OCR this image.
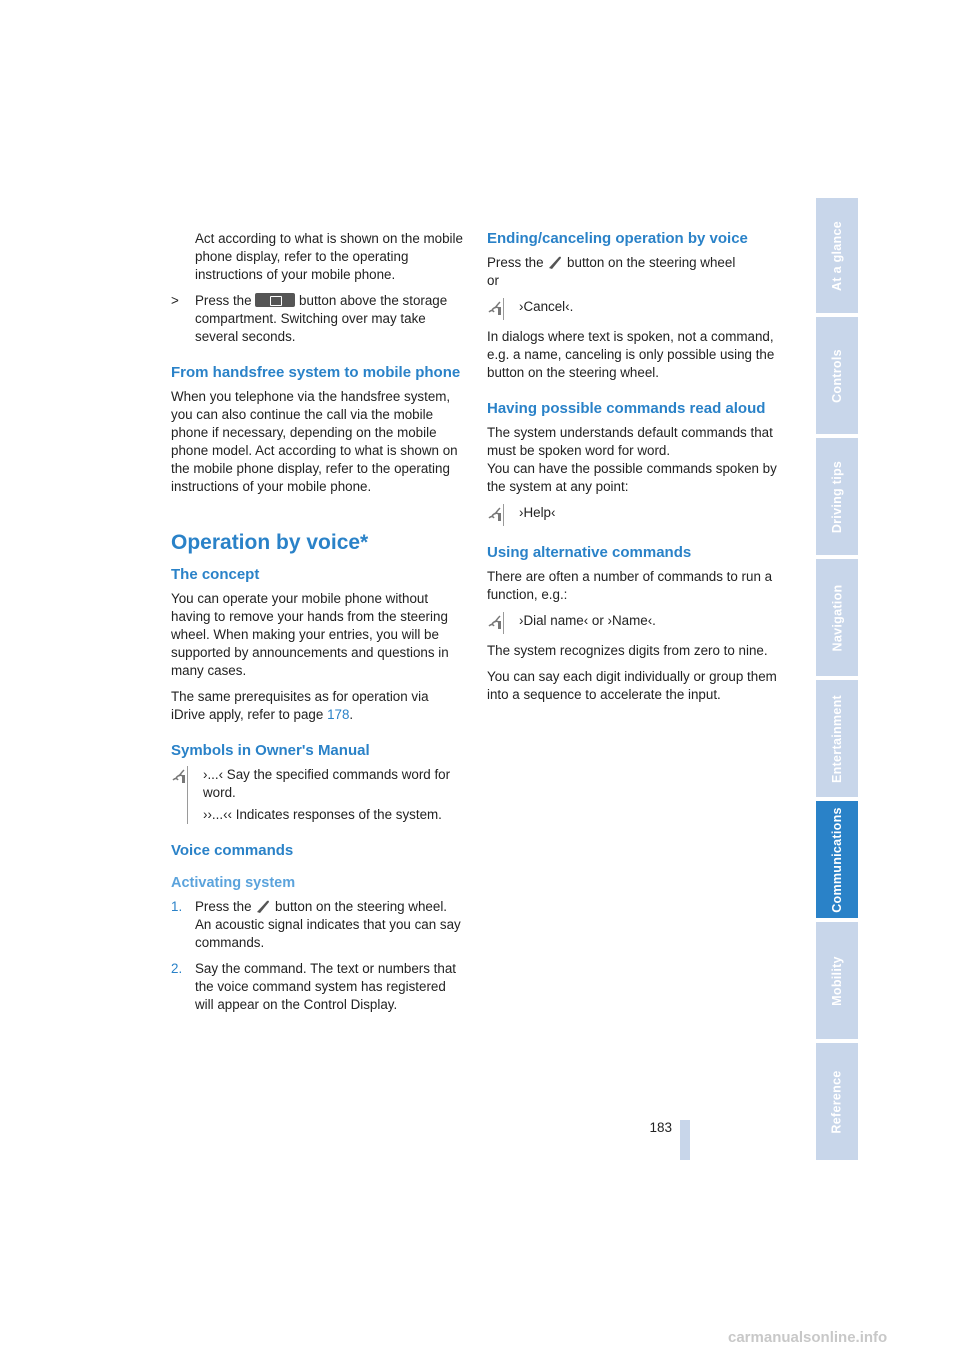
Act according to what is shown on the mobile phone display, refer to the operating instructions of your mobile phone.

> Press the	button above the storage compartment. Switching over may take several seconds.
From handsfree system to mobile phone

When you telephone via the handsfree system, you can also continue the call via the mobile phone if necessary, depending on the mobile phone model. Act according to what is shown on the mobile phone display, refer to the operating instructions of your mobile phone.

Operation by voice*
The concept

You can operate your mobile phone without having to remove your hands from the steering wheel. When making your entries, you will be supported by announcements and questions in many cases.

The same prerequisites as for operation via iDrive apply, refer to page 178.

Symbols in Owner's Manual

›...‹ Say the specified commands word for word.

››...‹‹ Indicates responses of the system.

Voice commands
Activating system
1. Press the button on the steering wheel. An acoustic signal indicates that you can say commands.
2. Say the command. The text or numbers that the voice command system has registered will appear on the Control Display.
Ending/canceling operation by voice

Press the button on the steering wheel

or

›Cancel‹.

In dialogs where text is spoken, not a command, e.g. a name, canceling is only possible using the button on the steering wheel.

Having possible commands read aloud

The system understands default commands that must be spoken word for word.

You can have the possible commands spoken by the system at any point:

›Help‹
Using alternative commands

There are often a number of commands to run a function, e.g.:

›Dial name‹ or ›Name‹.

The system recognizes digits from zero to nine.

You can say each digit individually or group them into a sequence to accelerate the input.

At a glance
Controls
Driving tips
Navigation
Entertainment
Communications
Mobility
Reference
183
carmanualsonline.info
